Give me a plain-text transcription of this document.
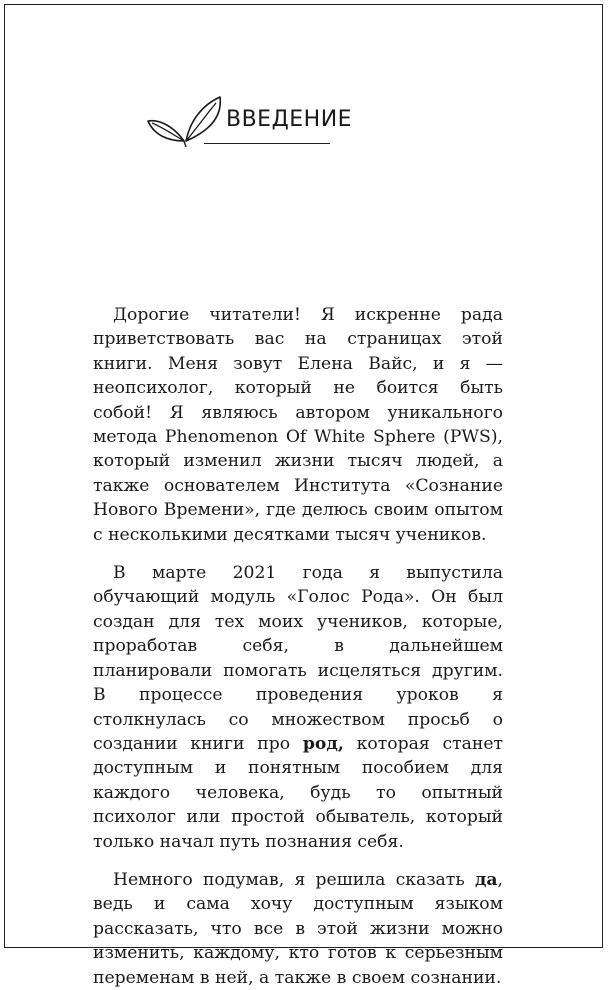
ВВЕДЕНИЕ

Дорогие читатели! Я искренне рада приветствовать вас на страницах этой книги. Меня зовут Елена Вайс, и я — неопсихолог, который не боится быть собой! Я являюсь автором уникального метода Phenomenon Of White Sphere (PWS), который изменил жизни тысяч людей, а также основателем Института «Сознание Нового Времени», где делюсь своим опытом с несколькими десятками тысяч учеников.

В марте 2021 года я выпустила обучающий модуль «Голос Рода». Он был создан для тех моих учеников, которые, проработав себя, в дальнейшем планировали помогать исцеляться другим. В процессе проведения уроков я столкнулась со множеством просьб о создании книги про род, которая станет доступным и понятным пособием для каждого человека, будь то опытный психолог или простой обыватель, который только начал путь познания себя.

Немного подумав, я решила сказать да, ведь и сама хочу доступным языком рассказать, что все в этой жизни можно изменить, каждому, кто готов к серьезным переменам в ней, а также в своем сознании.
